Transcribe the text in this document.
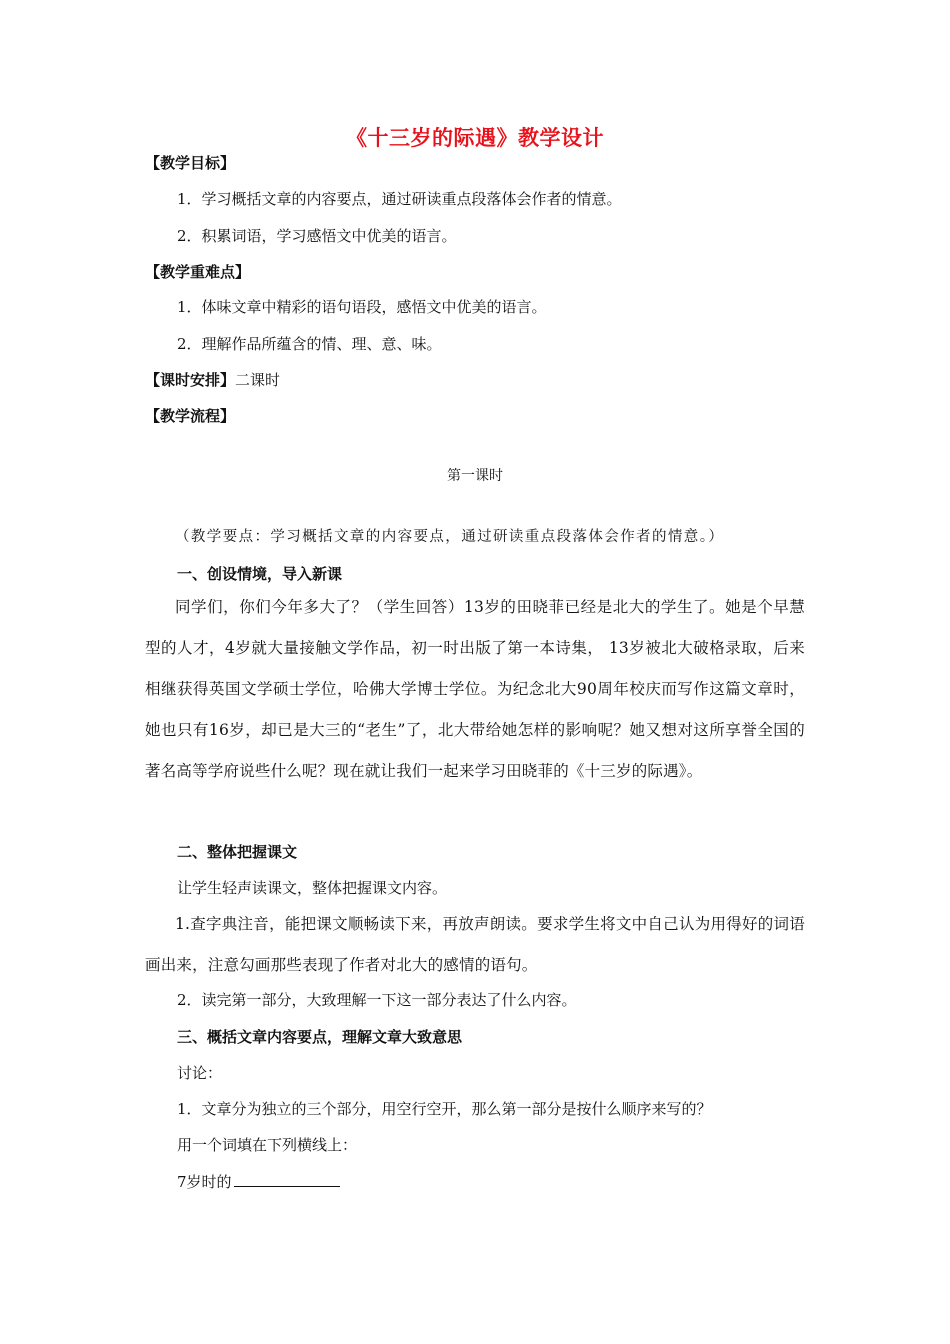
《十三岁的际遇》教学设计
【教学目标】
1．学习概括文章的内容要点，通过研读重点段落体会作者的情意。
2．积累词语，学习感悟文中优美的语言。
【教学重难点】
1．体味文章中精彩的语句语段，感悟文中优美的语言。
2．理解作品所蕴含的情、理、意、味。
【课时安排】二课时
【教学流程】
第一课时
（教学要点：学习概括文章的内容要点，通过研读重点段落体会作者的情意。）
一、创设情境，导入新课
同学们，你们今年多大了？（学生回答）13岁的田晓菲已经是北大的学生了。她是个早慧型的人才，4岁就大量接触文学作品，初一时出版了第一本诗集， 13岁被北大破格录取，后来相继获得英国文学硕士学位，哈佛大学博士学位。为纪念北大90周年校庆而写作这篇文章时，她也只有16岁，却已是大三的“老生”了，北大带给她怎样的影响呢？她又想对这所享誉全国的著名高等学府说些什么呢？现在就让我们一起来学习田晓菲的《十三岁的际遇》。
二、整体把握课文
让学生轻声读课文，整体把握课文内容。
1.查字典注音，能把课文顺畅读下来，再放声朗读。要求学生将文中自己认为用得好的词语画出来，注意勾画那些表现了作者对北大的感情的语句。
2．读完第一部分，大致理解一下这一部分表达了什么内容。
三、概括文章内容要点，理解文章大致意思
讨论：
1．文章分为独立的三个部分，用空行空开，那么第一部分是按什么顺序来写的？
用一个词填在下列横线上：
7岁时的
